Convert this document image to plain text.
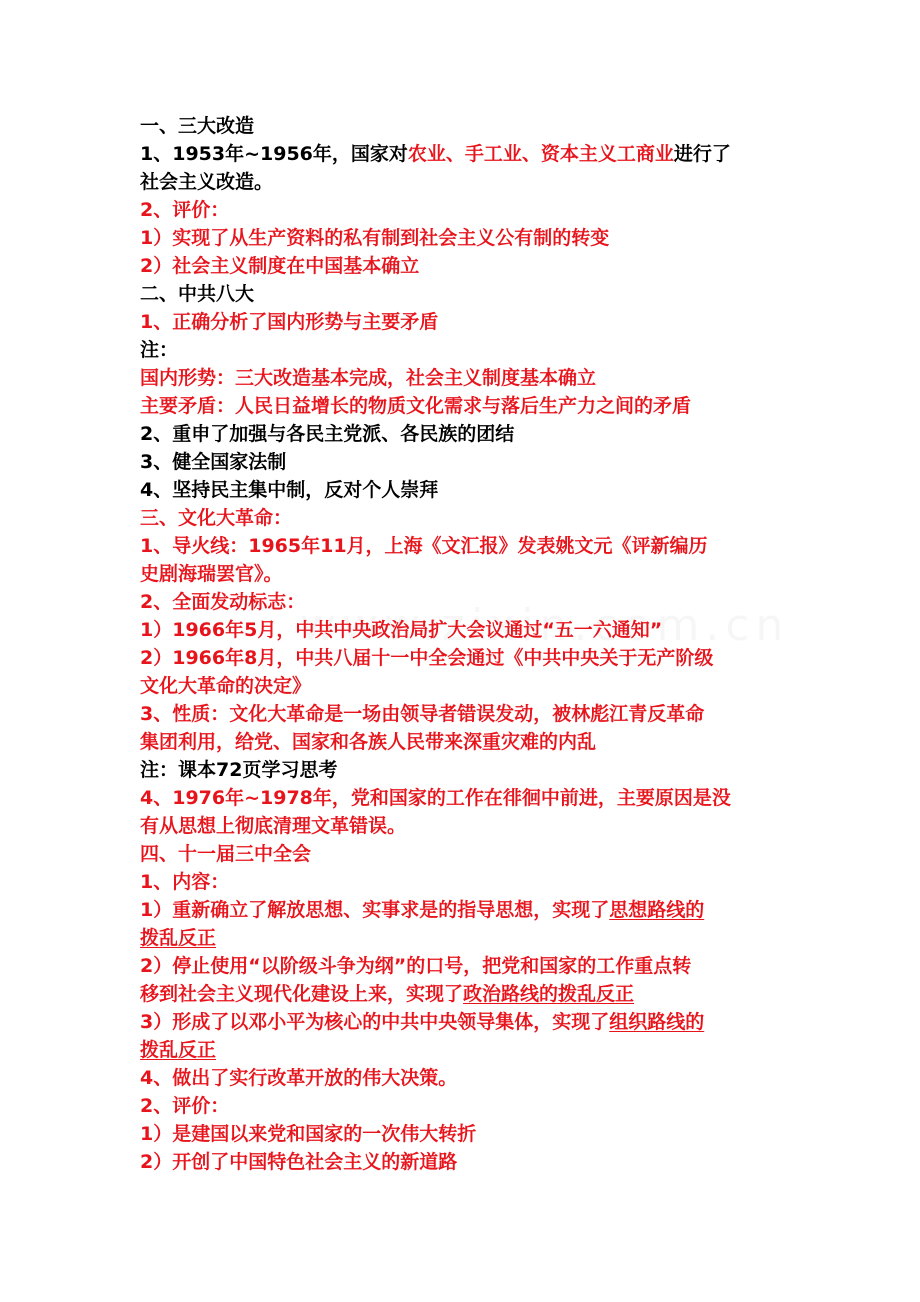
一、三大改造
1、1953年~1956年，国家对农业、手工业、资本主义工商业进行了
社会主义改造。
2、评价：
1）实现了从生产资料的私有制到社会主义公有制的转变
2）社会主义制度在中国基本确立
二、中共八大
1、正确分析了国内形势与主要矛盾
注：
国内形势：三大改造基本完成，社会主义制度基本确立
主要矛盾：人民日益增长的物质文化需求与落后生产力之间的矛盾
2、重申了加强与各民主党派、各民族的团结
3、健全国家法制
4、坚持民主集中制，反对个人崇拜
三、文化大革命：
1、导火线：1965年11月，上海《文汇报》发表姚文元《评新编历
史剧海瑞罢官》。
2、全面发动标志：
1）1966年5月，中共中央政治局扩大会议通过“五一六通知”
2）1966年8月，中共八届十一中全会通过《中共中央关于无产阶级
文化大革命的决定》
3、性质：文化大革命是一场由领导者错误发动，被林彪江青反革命
集团利用，给党、国家和各族人民带来深重灾难的内乱
注：课本72页学习思考
4、1976年~1978年，党和国家的工作在徘徊中前进，主要原因是没
有从思想上彻底清理文革错误。
四、十一届三中全会
1、内容：
1）重新确立了解放思想、实事求是的指导思想，实现了思想路线的
拨乱反正
2）停止使用“以阶级斗争为纲”的口号，把党和国家的工作重点转
移到社会主义现代化建设上来，实现了政治路线的拨乱反正
3）形成了以邓小平为核心的中共中央领导集体，实现了组织路线的
拨乱反正
4、做出了实行改革开放的伟大决策。
2、评价：
1）是建国以来党和国家的一次伟大转折
2）开创了中国特色社会主义的新道路
